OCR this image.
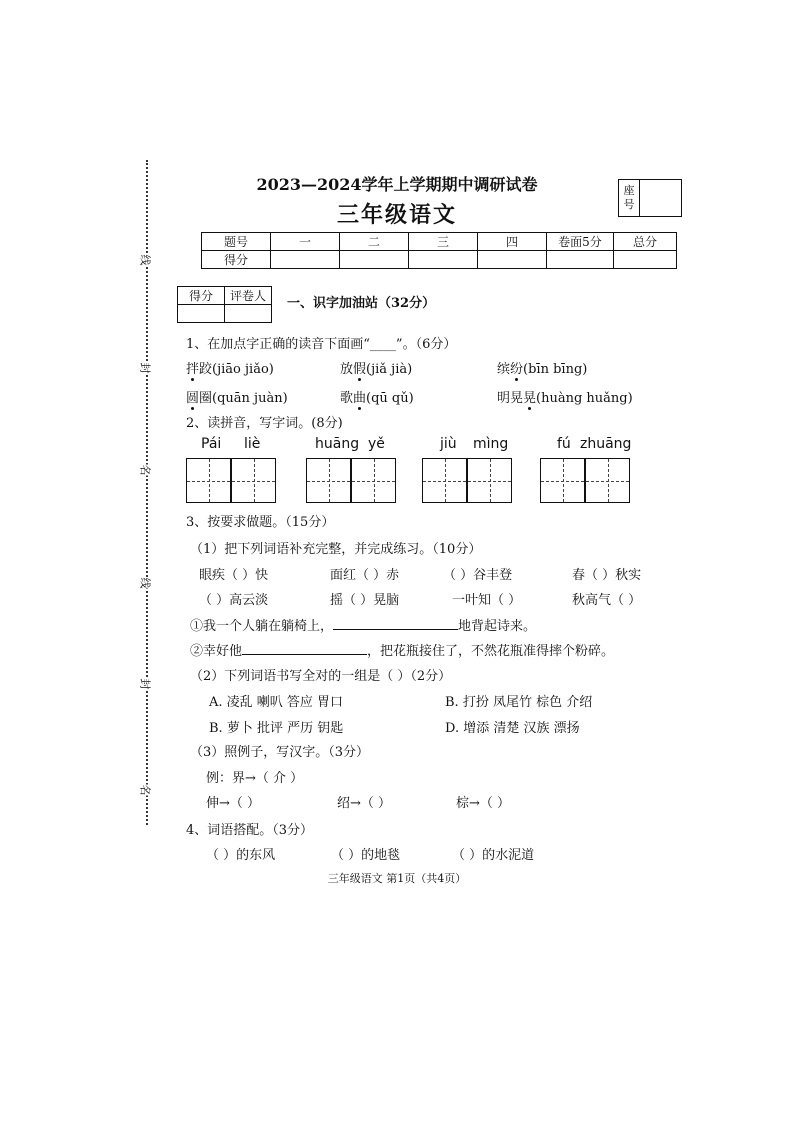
线
封
名
线
封
名
2023—2024学年上学期期中调研试卷
三年级语文
座
号
题号	一	二	三	四	卷面5分	总分
得分						
得分	评卷人
	一、识字加油站（32分）
1、在加点字正确的读音下面画“____”。（6分）
拌跤(jiāo jiǎo)	放假(jiǎ jià)	缤纷(bīn bīng)
圆圈(quān juàn)	歌曲(qū qǔ)	明晃晃(huàng huǎng)
2、读拼音，写字词。(8分)
Pái liè	huāng yě	jiù mìng	fú zhuāng
3、按要求做题。（15分）
（1）把下列词语补充完整，并完成练习。（10分）
眼疾（ ）快	面红（ ）赤	（ ）谷丰登	春（ ）秋实
（ ）高云淡	摇（ ）晃脑	一叶知（ ）	秋高气（ ）
①我一个人躺在躺椅上，	地背起诗来。
②幸好他	，把花瓶接住了，不然花瓶准得摔个粉碎。
（2）下列词语书写全对的一组是（ ）（2分）
A. 凌乱 喇叭 答应 胃口	B. 打扮 凤尾竹 棕色 介绍
B. 萝卜 批评 严历 钥匙	D. 增添 清楚 汉族 漂扬
（3）照例子，写汉字。（3分）
例：界→（ 介 ）
伸→（ ）	绍→（ ）	棕→（ ）
4、词语搭配。（3分）
（ ）的东风	（ ）的地毯	（ ）的水泥道
三年级语文 第1页（共4页）
